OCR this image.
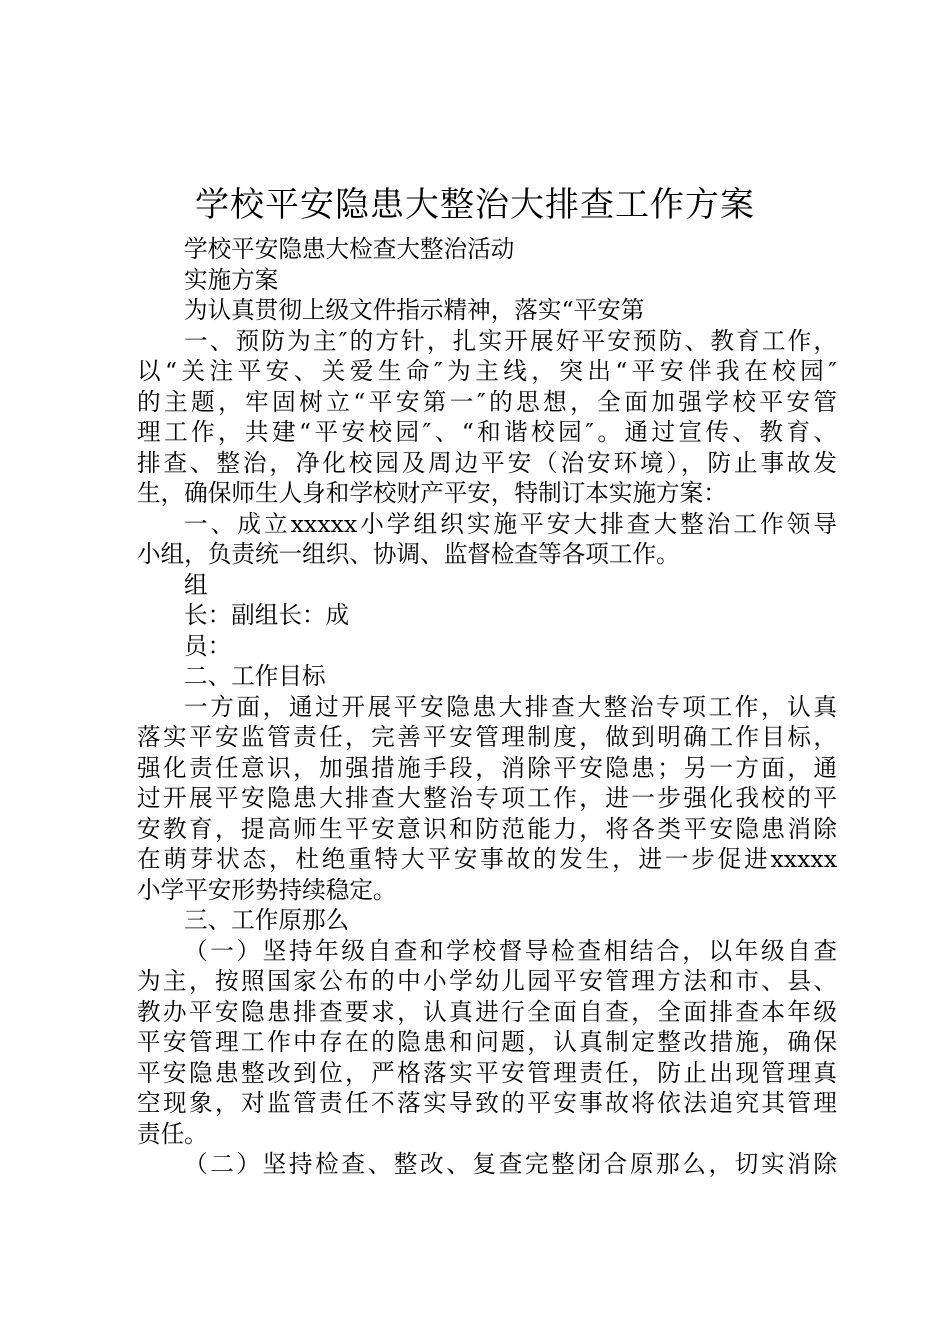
学校平安隐患大整治大排查工作方案
学校平安隐患大检查大整治活动
实施方案
为认真贯彻上级文件指示精神，落实“平安第
一、预防为主″的方针，扎实开展好平安预防、教育工作，
以“关注平安、关爱生命″为主线，突出“平安伴我在校园″
的主题，牢固树立“平安第一″的思想，全面加强学校平安管
理工作，共建“平安校园″、“和谐校园″。通过宣传、教育、
排查、整治，净化校园及周边平安（治安环境），防止事故发
生，确保师生人身和学校财产平安，特制订本实施方案：
一、成立xxxxx小学组织实施平安大排查大整治工作领导
小组，负责统一组织、协调、监督检查等各项工作。
组
长：副组长：成
员：
二、工作目标
一方面，通过开展平安隐患大排查大整治专项工作，认真
落实平安监管责任，完善平安管理制度，做到明确工作目标，
强化责任意识，加强措施手段，消除平安隐患；另一方面，通
过开展平安隐患大排查大整治专项工作，进一步强化我校的平
安教育，提高师生平安意识和防范能力，将各类平安隐患消除
在萌芽状态，杜绝重特大平安事故的发生，进一步促进xxxxx
小学平安形势持续稳定。
三、工作原那么
（一）坚持年级自查和学校督导检查相结合，以年级自查
为主，按照国家公布的中小学幼儿园平安管理方法和市、县、
教办平安隐患排查要求，认真进行全面自查，全面排查本年级
平安管理工作中存在的隐患和问题，认真制定整改措施，确保
平安隐患整改到位，严格落实平安管理责任，防止出现管理真
空现象，对监管责任不落实导致的平安事故将依法追究其管理
责任。
（二）坚持检查、整改、复查完整闭合原那么，切实消除
